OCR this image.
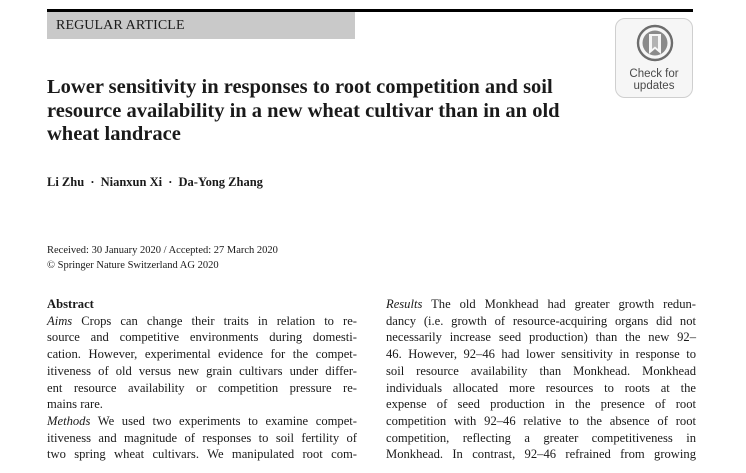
REGULAR ARTICLE
Check for
updates
Lower sensitivity in responses to root competition and soil
resource availability in a new wheat cultivar than in an old
wheat landrace

Li Zhu · Nianxun Xi · Da-Yong Zhang

Received: 30 January 2020 / Accepted: 27 March 2020
© Springer Nature Switzerland AG 2020
Abstract
Aims Crops can change their traits in relation to re-
source and competitive environments during domesti-
cation. However, experimental evidence for the compet-
itiveness of old versus new grain cultivars under differ-
ent resource availability or competition pressure re-
mains rare.
Methods We used two experiments to examine compet-
itiveness and magnitude of responses to soil fertility of
two spring wheat cultivars. We manipulated root com-
Results The old Monkhead had greater growth redun-
dancy (i.e. growth of resource-acquiring organs did not
necessarily increase seed production) than the new 92–
46. However, 92–46 had lower sensitivity in response to
soil resource availability than Monkhead. Monkhead
individuals allocated more resources to roots at the
expense of seed production in the presence of root
competition with 92–46 relative to the absence of root
competition, reflecting a greater competitiveness in
Monkhead. In contrast, 92–46 refrained from growing
